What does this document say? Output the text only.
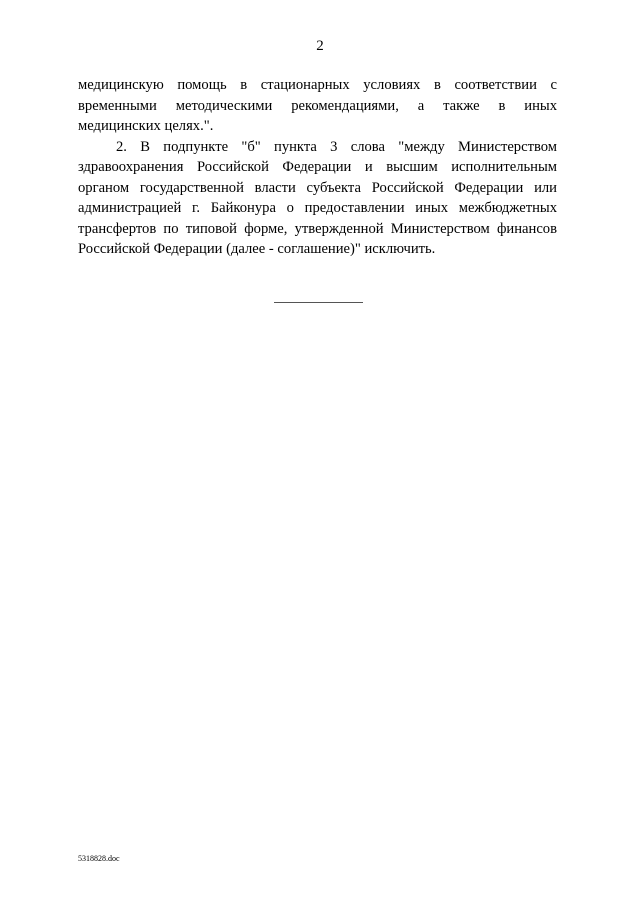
2
медицинскую помощь в стационарных условиях в соответствии с
временными методическими рекомендациями, а также в иных
медицинских целях.".
2. В подпункте "б" пункта 3 слова "между Министерством
здравоохранения Российской Федерации и высшим исполнительным
органом государственной власти субъекта Российской Федерации или
администрацией г. Байконура о предоставлении иных межбюджетных
трансфертов по типовой форме, утвержденной Министерством финансов
Российской Федерации (далее - соглашение)" исключить.
5318828.doc
